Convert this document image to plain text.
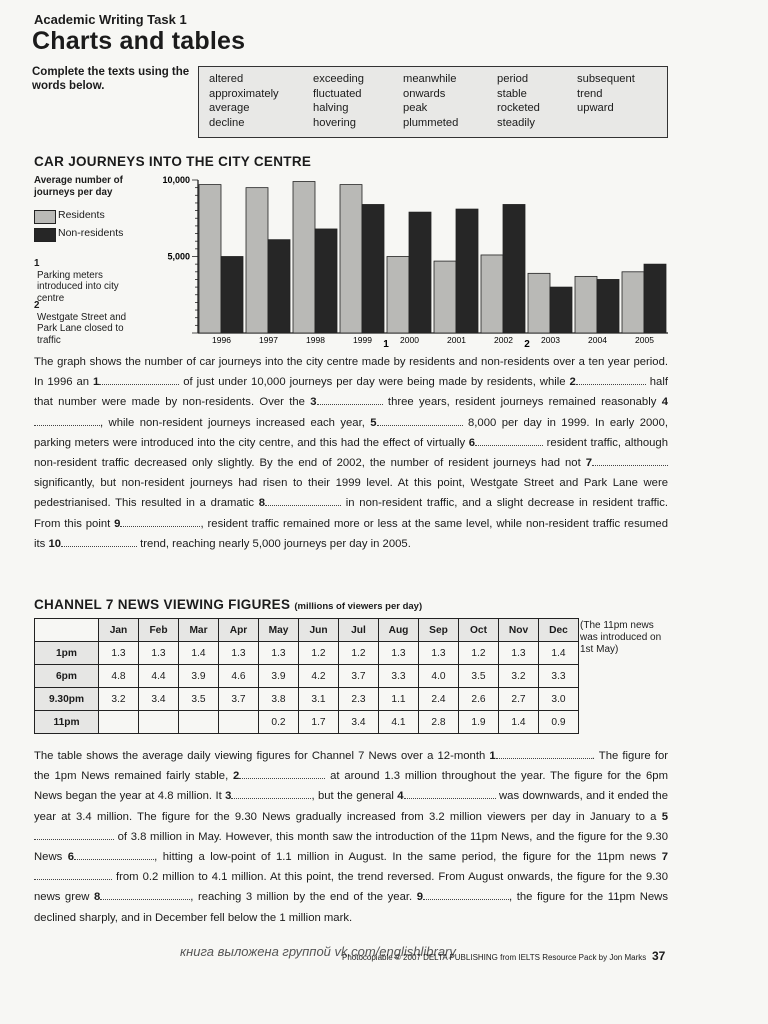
Academic Writing Task 1
Charts and tables
Complete the texts using the words below.
altered
approximately
average
decline
exceeding
fluctuated
halving
hovering
meanwhile
onwards
peak
plummeted
period
stable
rocketed
steadily
subsequent
trend
upward
CAR JOURNEYS INTO THE CITY CENTRE
Average number of journeys per day
Residents
Non-residents
1 Parking meters introduced into city centre
2 Westgate Street and Park Lane closed to traffic
5,000
10,000
1996	1997	1998	1999	2000	2001	2002	2003	2004	2005
1	2

The graph shows the number of car journeys into the city centre made by residents and non-residents over a ten year period. In 1996 an 1	of just under 10,000 journeys per day were being made by residents, while 2	half that number were made by non-residents. Over the 3	three years, resident journeys remained reasonably 4, while non-resident journeys increased each year, 5	8,000 per day in 1999. In early 2000, parking meters were introduced into the city centre, and this had the effect of virtually 6	resident traffic, although non-resident traffic decreased only slightly. By the end of 2002, the number of resident journeys had not 7 significantly, but non-resident journeys had risen to their 1999 level. At this point, Westgate Street and Park Lane were pedestrianised. This resulted in a dramatic 8	in non-resident traffic, and a slight decrease in resident traffic. From this point 9	, resident traffic remained more or less at the same level, while non-resident traffic resumed its 10	trend, reaching nearly 5,000 journeys per day in 2005.

CHANNEL 7 NEWS VIEWING FIGURES (millions of viewers per day)
(The 11pm news was introduced on 1st May)
	Jan	Feb	Mar	Apr	May	Jun	Jul	Aug	Sep	Oct	Nov	Dec
1pm	1.3	1.3	1.4	1.3	1.3	1.2	1.2	1.3	1.3	1.2	1.3	1.4
6pm	4.8	4.4	3.9	4.6	3.9	4.2	3.7	3.3	4.0	3.5	3.2	3.3
9.30pm	3.2	3.4	3.5	3.7	3.8	3.1	2.3	1.1	2.4	2.6	2.7	3.0
11pm					0.2	1.7	3.4	4.1	2.8	1.9	1.4	0.9

The table shows the average daily viewing figures for Channel 7 News over a 12-month 1	. The figure for the 1pm News remained fairly stable, 2	at around 1.3 million throughout the year. The figure for the 6pm News began the year at 4.8 million. It 3	, but the general 4	was downwards, and it ended the year at 3.4 million. The figure for the 9.30 News gradually increased from 3.2 million viewers per day in January to a 5 of 3.8 million in May. However, this month saw the introduction of the 11pm News, and the figure for the 9.30 News 6	, hitting a low-point of 1.1 million in August. In the same period, the figure for the 11pm news 7 from 0.2 million to 4.1 million. At this point, the trend reversed. From August onwards, the figure for the 9.30 news grew 8	, reaching 3 million by the end of the year. 9	, the figure for the 11pm News declined sharply, and in December fell below the 1 million mark.

книга выложена группой vk.com/englishlibrary
Photocopiable © 2007 DELTA PUBLISHING from IELTS Resource Pack by Jon Marks 37
